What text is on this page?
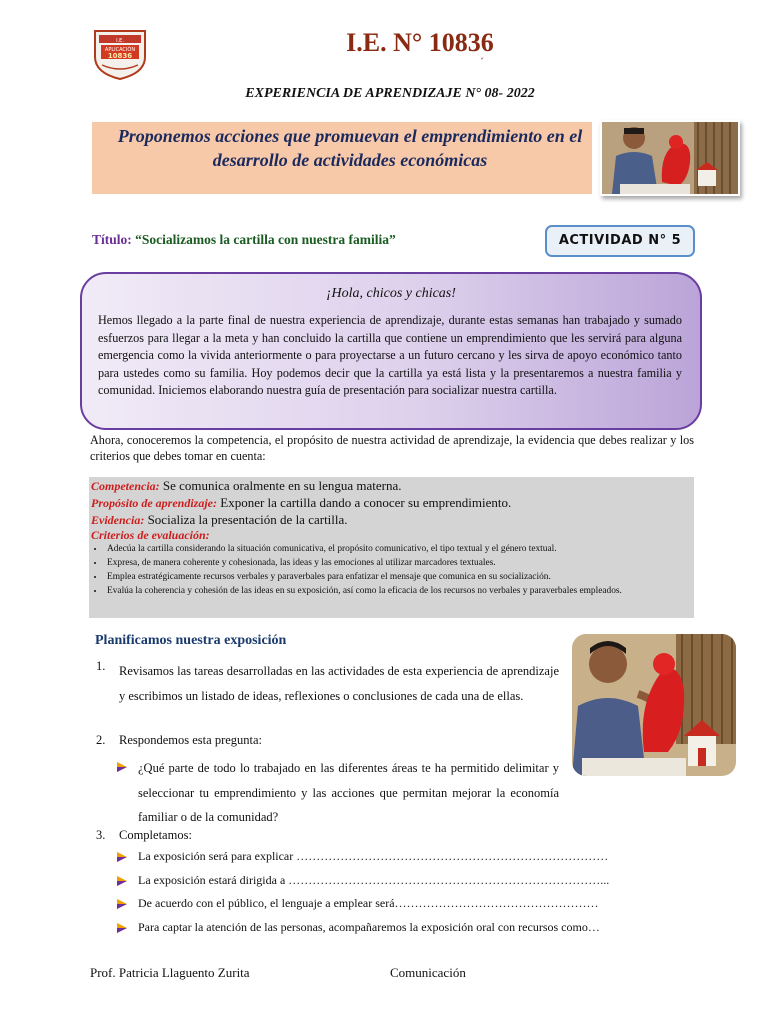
I.E.
APLICACIÓN
10836	I.E. N° 10836
´
EXPERIENCIA DE APRENDIZAJE N° 08- 2022
Proponemos acciones que promuevan el emprendimiento en el desarrollo de actividades económicas
Título: “Socializamos la cartilla con nuestra familia”	ACTIVIDAD N° 5
¡Hola, chicos y chicas!
Hemos llegado a la parte final de nuestra experiencia de aprendizaje, durante estas semanas han trabajado y sumado esfuerzos para llegar a la meta y han concluido la cartilla que contiene un emprendimiento que les servirá para alguna emergencia como la vivida anteriormente o para proyectarse a un futuro cercano y les sirva de apoyo económico tanto para ustedes como su familia. Hoy podemos decir que la cartilla ya está lista y la presentaremos a nuestra familia y comunidad. Iniciemos elaborando nuestra guía de presentación para socializar nuestra cartilla.
Ahora, conoceremos la competencia, el propósito de nuestra actividad de aprendizaje, la evidencia que debes realizar y los criterios que debes tomar en cuenta:
Competencia: Se comunica oralmente en su lengua materna.
Propósito de aprendizaje: Exponer la cartilla dando a conocer su emprendimiento.
Evidencia: Socializa la presentación de la cartilla.
Criterios de evaluación:
• Adecúa la cartilla considerando la situación comunicativa, el propósito comunicativo, el tipo textual y el género textual.
• Expresa, de manera coherente y cohesionada, las ideas y las emociones al utilizar marcadores textuales.
• Emplea estratégicamente recursos verbales y paraverbales para enfatizar el mensaje que comunica en su socialización.
• Evalúa la coherencia y cohesión de las ideas en su exposición, así como la eficacia de los recursos no verbales y paraverbales empleados.
Planificamos nuestra exposición
1. Revisamos las tareas desarrolladas en las actividades de esta experiencia de aprendizaje y escribimos un listado de ideas, reflexiones o conclusiones de cada una de ellas.
2. Respondemos esta pregunta:
¿Qué parte de todo lo trabajado en las diferentes áreas te ha permitido delimitar y seleccionar tu emprendimiento y las acciones que permitan mejorar la economía familiar o de la comunidad?
3. Completamos:
La exposición será para explicar ……………………………………………………………………
La exposición estará dirigida a ……………………………………………………………………...
De acuerdo con el público, el lenguaje a emplear será……………………………………………
Para captar la atención de las personas, acompañaremos la exposición oral con recursos como…
Prof. Patricia Llaguento Zurita	Comunicación
